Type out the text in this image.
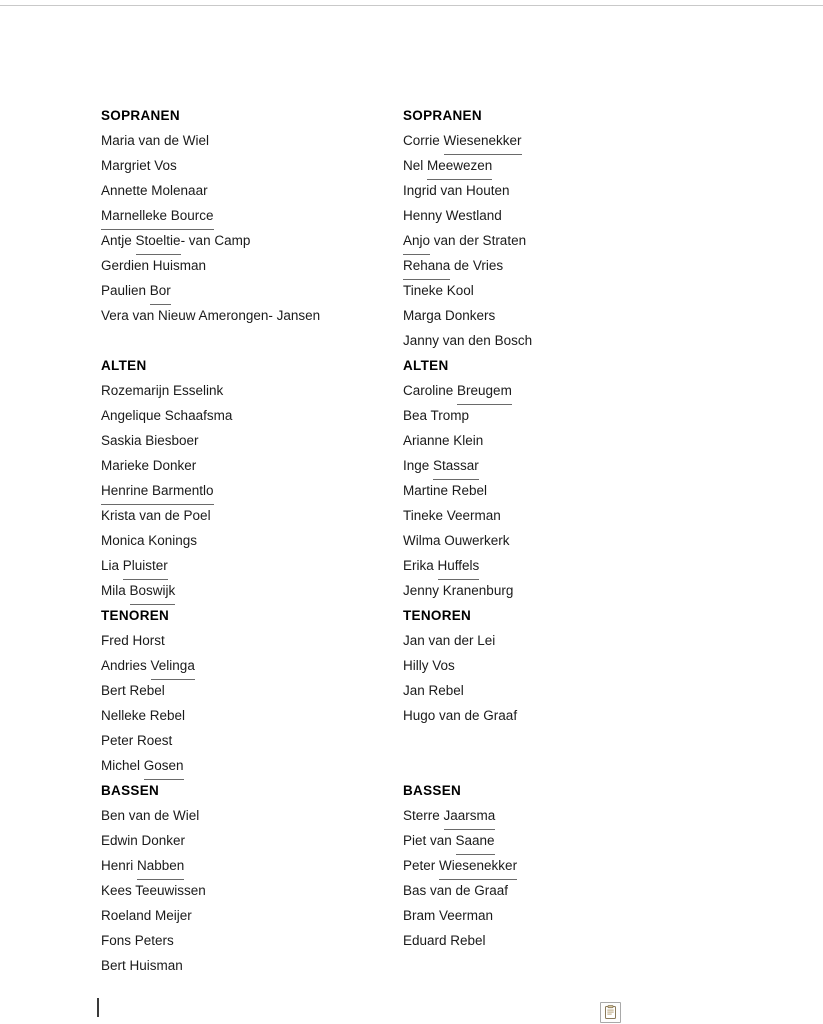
SOPRANEN
Maria van de Wiel
Margriet Vos
Annette Molenaar
Marnelleke Bource
Antje Stoeltie- van Camp
Gerdien Huisman
Paulien Bor
Vera van Nieuw Amerongen- Jansen
ALTEN
Rozemarijn Esselink
Angelique Schaafsma
Saskia Biesboer
Marieke Donker
Henrine Barmentlo
Krista van de Poel
Monica Konings
Lia Pluister
Mila Boswijk
TENOREN
Fred Horst
Andries Velinga
Bert Rebel
Nelleke Rebel
Peter Roest
Michel Gosen
BASSEN
Ben van de Wiel
Edwin Donker
Henri Nabben
Kees Teeuwissen
Roeland Meijer
Fons Peters
Bert Huisman
SOPRANEN
Corrie Wiesenekker
Nel Meewezen
Ingrid van Houten
Henny Westland
Anjo van der Straten
Rehana de Vries
Tineke Kool
Marga Donkers
Janny van den Bosch
ALTEN
Caroline Breugem
Bea Tromp
Arianne Klein
Inge Stassar
Martine Rebel
Tineke Veerman
Wilma Ouwerkerk
Erika Huffels
Jenny Kranenburg
TENOREN
Jan van der Lei
Hilly Vos
Jan Rebel
Hugo van de Graaf
BASSEN
Sterre Jaarsma
Piet van Saane
Peter Wiesenekker
Bas van de Graaf
Bram Veerman
Eduard Rebel
